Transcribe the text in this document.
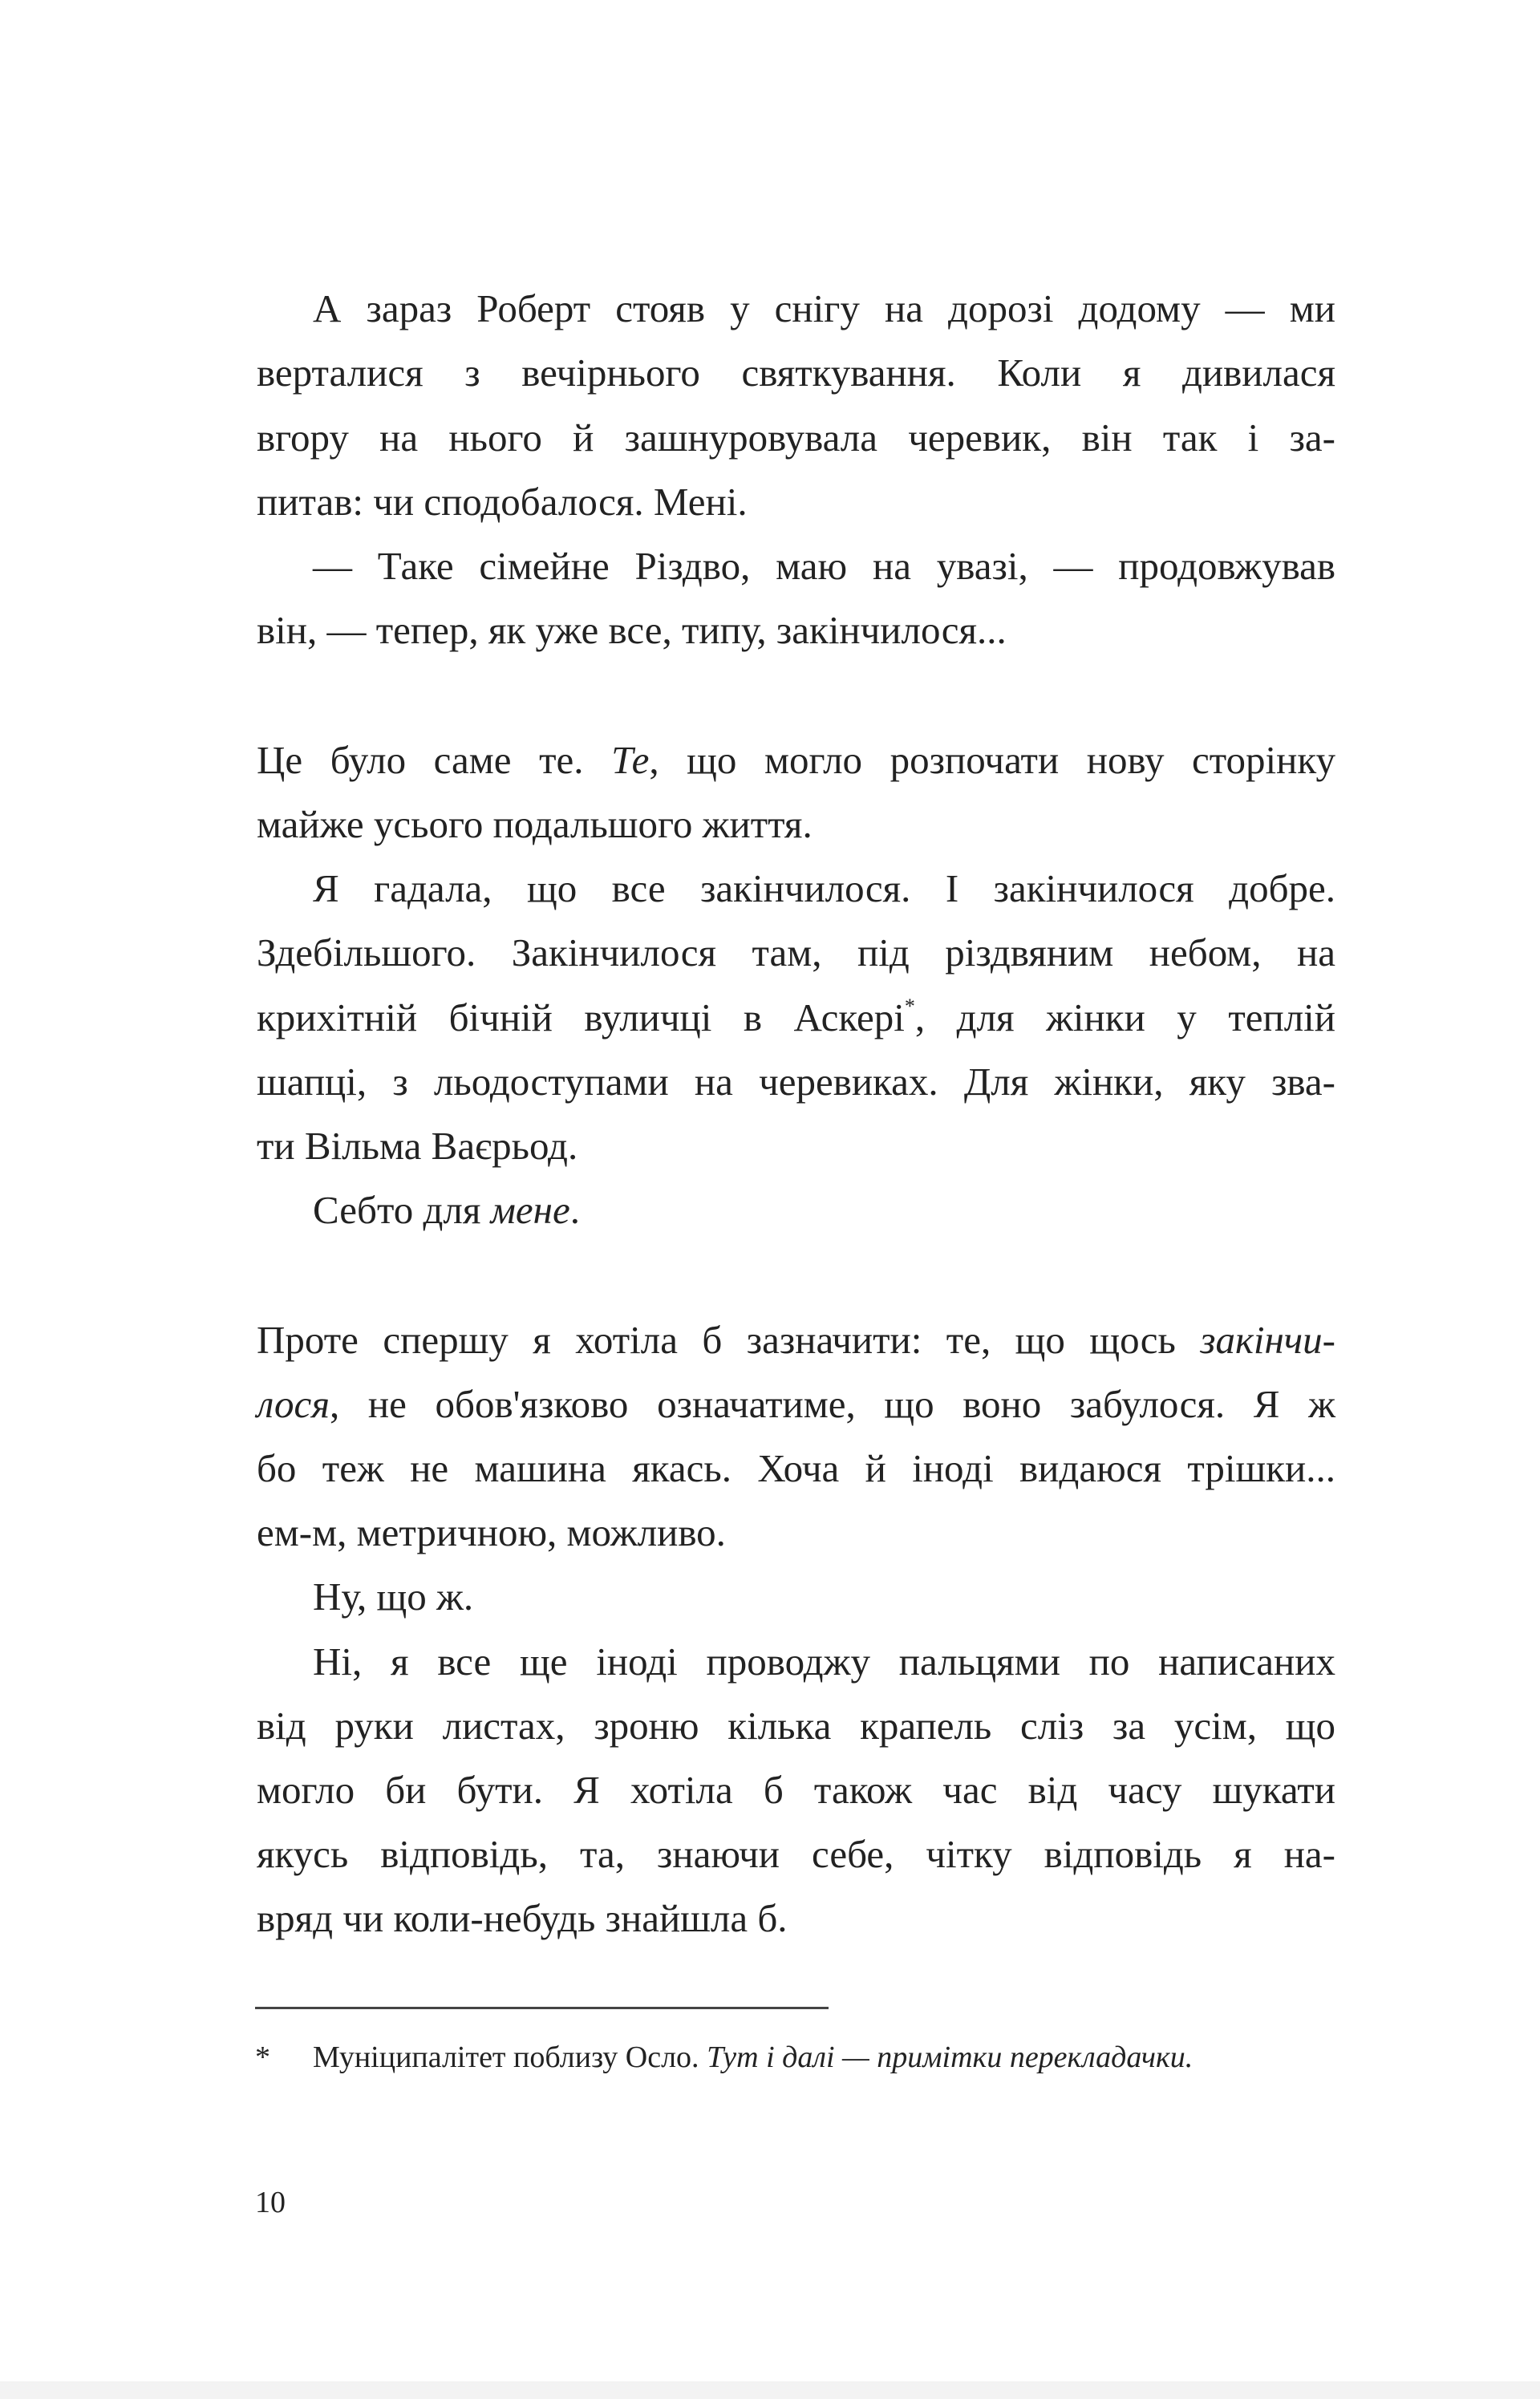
А зараз Роберт стояв у снігу на дорозі додому — ми
верталися з вечірнього святкування. Коли я дивилася
вгору на нього й зашнуровувала черевик, він так і за-
питав: чи сподобалося. Мені.
— Таке сімейне Різдво, маю на увазі, — продовжував
він, — тепер, як уже все, типу, закінчилося...
Це було саме те. Те, що могло розпочати нову сторінку
майже усього подальшого життя.
Я гадала, що все закінчилося. І закінчилося добре.
Здебільшого. Закінчилося там, під різдвяним небом, на
крихітній бічній вуличці в Аскері*, для жінки у теплій
шапці, з льодоступами на черевиках. Для жінки, яку зва-
ти Вільма Ваєрьод.
Себто для мене.
Проте спершу я хотіла б зазначити: те, що щось закінчи-
лося, не обов'язково означатиме, що воно забулося. Я ж
бо теж не машина якась. Хоча й іноді видаюся трішки...
ем-м, метричною, можливо.
Ну, що ж.
Ні, я все ще іноді проводжу пальцями по написаних
від руки листах, зроню кілька крапель сліз за усім, що
могло би бути. Я хотіла б також час від часу шукати
якусь відповідь, та, знаючи себе, чітку відповідь я на-
вряд чи коли-небудь знайшла б.
* Муніципалітет поблизу Осло. Тут і далі — примітки перекладачки.
10
